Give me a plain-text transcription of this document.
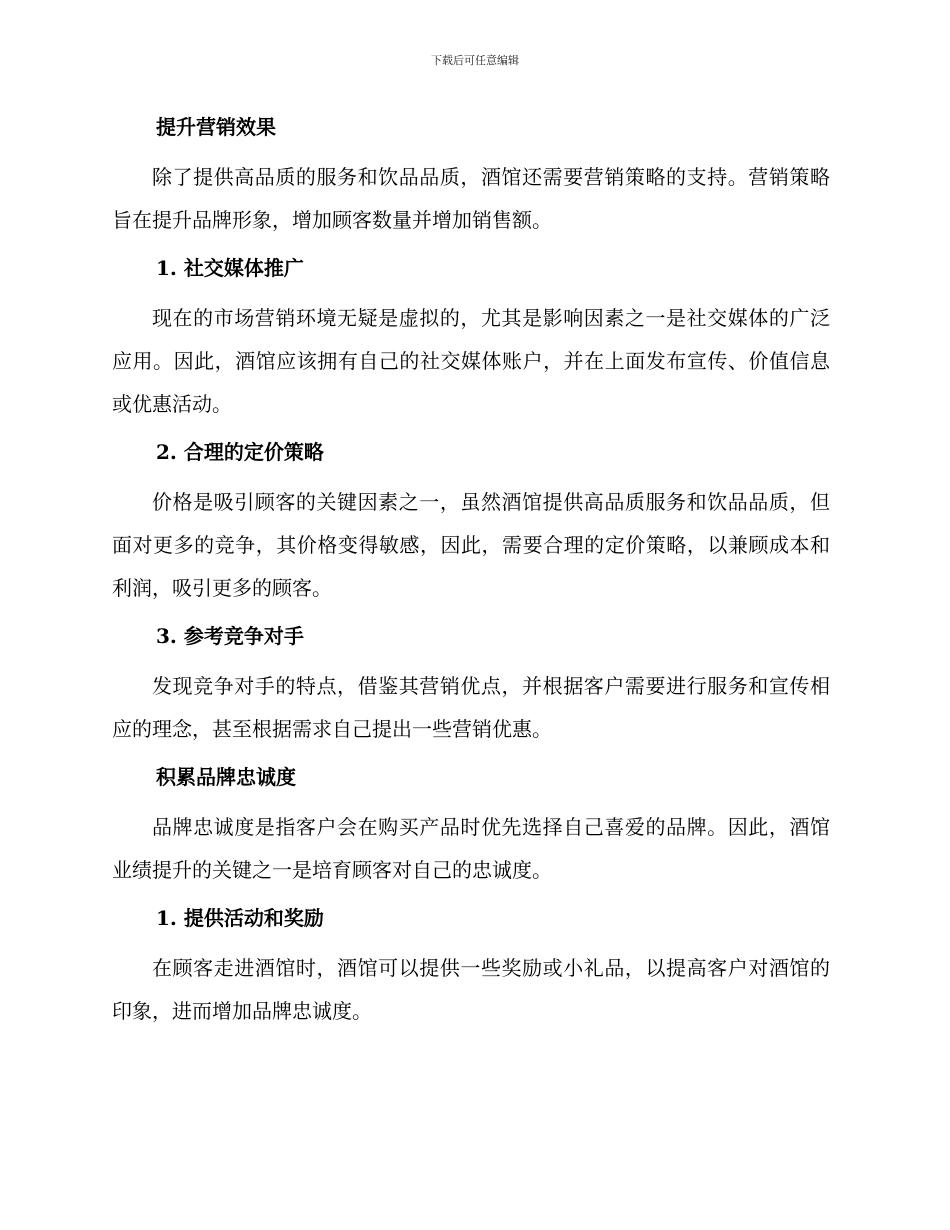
下载后可任意编辑
提升营销效果
除了提供高品质的服务和饮品品质，酒馆还需要营销策略的支持。营销策略旨在提升品牌形象，增加顾客数量并增加销售额。
1. 社交媒体推广
现在的市场营销环境无疑是虚拟的，尤其是影响因素之一是社交媒体的广泛应用。因此，酒馆应该拥有自己的社交媒体账户，并在上面发布宣传、价值信息或优惠活动。
2. 合理的定价策略
价格是吸引顾客的关键因素之一，虽然酒馆提供高品质服务和饮品品质，但面对更多的竞争，其价格变得敏感，因此，需要合理的定价策略，以兼顾成本和利润，吸引更多的顾客。
3. 参考竞争对手
发现竞争对手的特点，借鉴其营销优点，并根据客户需要进行服务和宣传相应的理念，甚至根据需求自己提出一些营销优惠。
积累品牌忠诚度
品牌忠诚度是指客户会在购买产品时优先选择自己喜爱的品牌。因此，酒馆业绩提升的关键之一是培育顾客对自己的忠诚度。
1. 提供活动和奖励
在顾客走进酒馆时，酒馆可以提供一些奖励或小礼品，以提高客户对酒馆的印象，进而增加品牌忠诚度。
